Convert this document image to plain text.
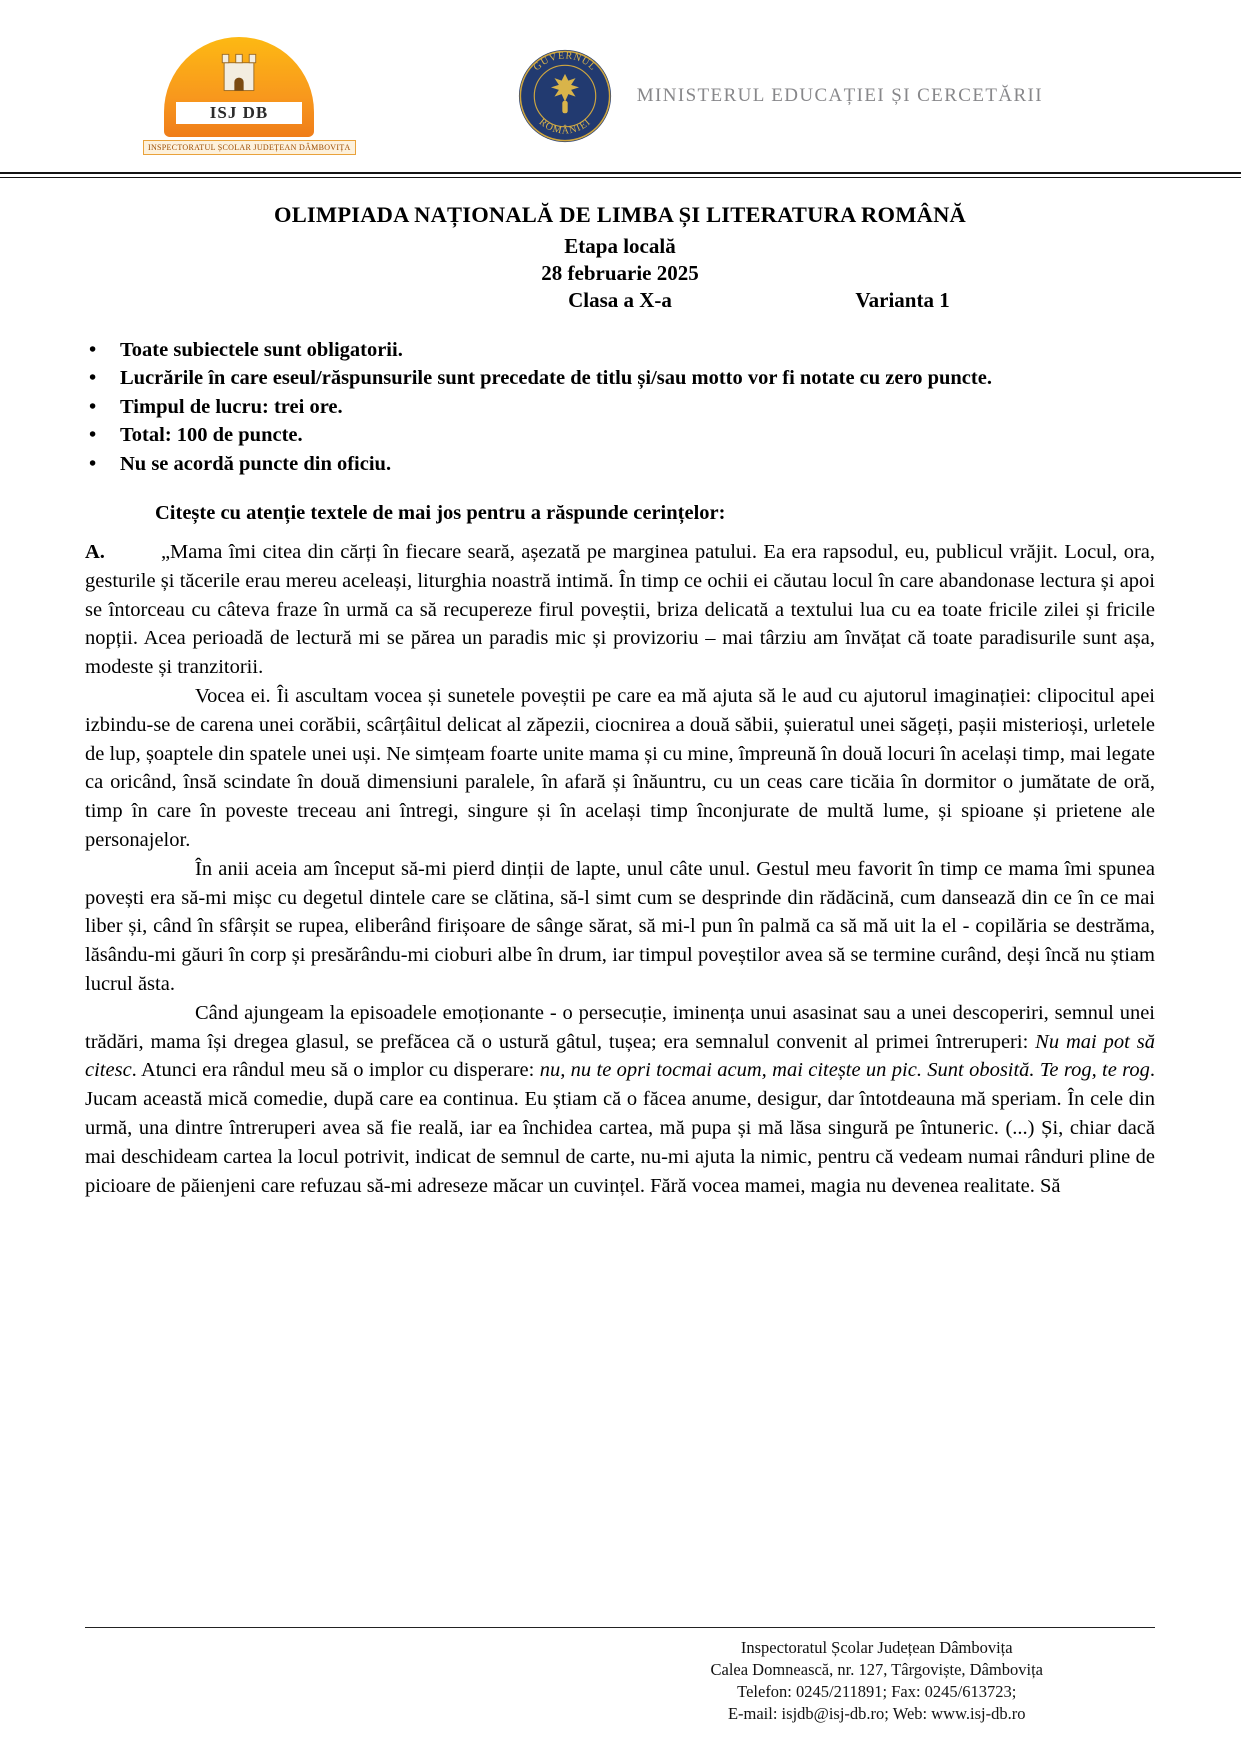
ISJ DB
INSPECTORATUL ȘCOLAR JUDEȚEAN DÂMBOVIȚA
GUVERNUL
ROMÂNIEI
MINISTERUL EDUCAȚIEI ȘI CERCETĂRII
OLIMPIADA NAȚIONALĂ DE LIMBA ȘI LITERATURA ROMÂNĂ
Etapa locală
28 februarie 2025
Clasa a X-a	Varianta 1
• Toate subiectele sunt obligatorii.
• Lucrările în care eseul/răspunsurile sunt precedate de titlu și/sau motto vor fi notate cu zero puncte.
• Timpul de lucru: trei ore.
• Total: 100 de puncte.
• Nu se acordă puncte din oficiu.
Citește cu atenție textele de mai jos pentru a răspunde cerințelor:

A.	„Mama îmi citea din cărți în fiecare seară, așezată pe marginea patului. Ea era rapsodul, eu, publicul vrăjit. Locul, ora, gesturile și tăcerile erau mereu aceleași, liturghia noastră intimă. În timp ce ochii ei căutau locul în care abandonase lectura și apoi se întorceau cu câteva fraze în urmă ca să recupereze firul poveștii, briza delicată a textului lua cu ea toate fricile zilei și fricile nopții. Acea perioadă de lectură mi se părea un paradis mic și provizoriu – mai târziu am învățat că toate paradisurile sunt așa, modeste și tranzitorii.

Vocea ei. Îi ascultam vocea și sunetele poveștii pe care ea mă ajuta să le aud cu ajutorul imaginației: clipocitul apei izbindu-se de carena unei corăbii, scârțâitul delicat al zăpezii, ciocnirea a două săbii, șuieratul unei săgeți, pașii misterioși, urletele de lup, șoaptele din spatele unei uși. Ne simțeam foarte unite mama și cu mine, împreună în două locuri în același timp, mai legate ca oricând, însă scindate în două dimensiuni paralele, în afară și înăuntru, cu un ceas care ticăia în dormitor o jumătate de oră, timp în care în poveste treceau ani întregi, singure și în același timp înconjurate de multă lume, și spioane și prietene ale personajelor.

În anii aceia am început să-mi pierd dinții de lapte, unul câte unul. Gestul meu favorit în timp ce mama îmi spunea povești era să-mi mișc cu degetul dintele care se clătina, să-l simt cum se desprinde din rădăcină, cum dansează din ce în ce mai liber și, când în sfârșit se rupea, eliberând firișoare de sânge sărat, să mi-l pun în palmă ca să mă uit la el - copilăria se destrăma, lăsându-mi găuri în corp și presărându-mi cioburi albe în drum, iar timpul poveștilor avea să se termine curând, deși încă nu știam lucrul ăsta.

Când ajungeam la episoadele emoționante - o persecuție, iminența unui asasinat sau a unei descoperiri, semnul unei trădări, mama își dregea glasul, se prefăcea că o ustură gâtul, tușea; era semnalul convenit al primei întreruperi: Nu mai pot să citesc. Atunci era rândul meu să o implor cu disperare: nu, nu te opri tocmai acum, mai citește un pic. Sunt obosită. Te rog, te rog. Jucam această mică comedie, după care ea continua. Eu știam că o făcea anume, desigur, dar întotdeauna mă speriam. În cele din urmă, una dintre întreruperi avea să fie reală, iar ea închidea cartea, mă pupa și mă lăsa singură pe întuneric. (...) Și, chiar dacă mai deschideam cartea la locul potrivit, indicat de semnul de carte, nu-mi ajuta la nimic, pentru că vedeam numai rânduri pline de picioare de păienjeni care refuzau să-mi adreseze măcar un cuvințel. Fără vocea mamei, magia nu devenea realitate. Să

Inspectoratul Școlar Județean Dâmbovița
Calea Domnească, nr. 127, Târgoviște, Dâmbovița
Telefon: 0245/211891; Fax: 0245/613723;
E-mail: isjdb@isj-db.ro; Web: www.isj-db.ro
